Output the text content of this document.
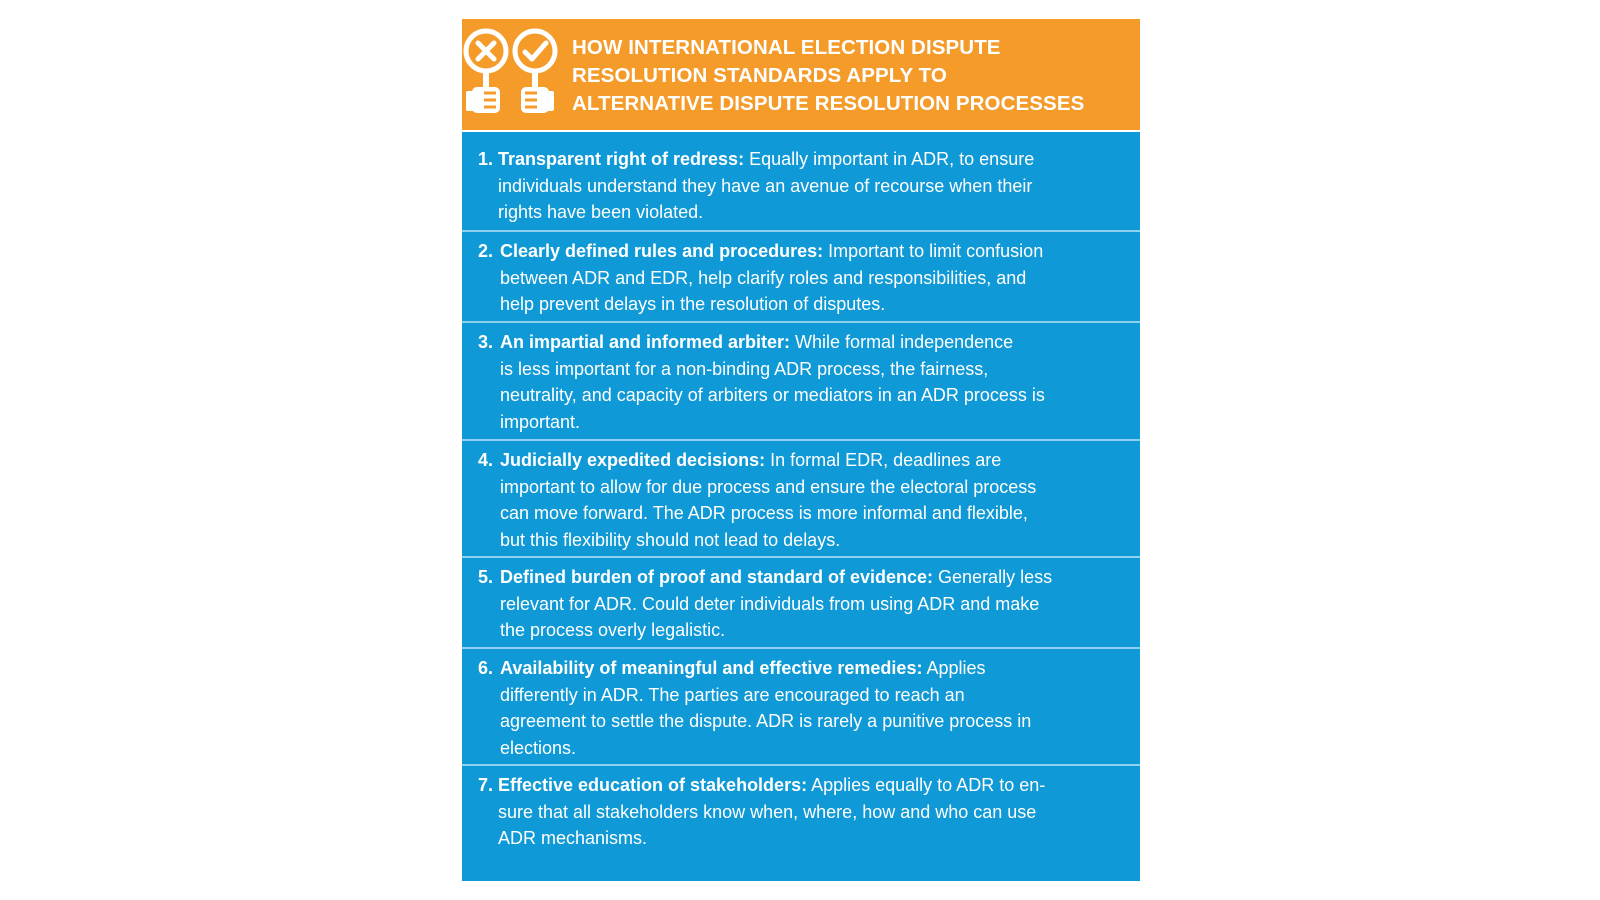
HOW INTERNATIONAL ELECTION DISPUTE
RESOLUTION STANDARDS APPLY TO
ALTERNATIVE DISPUTE RESOLUTION PROCESSES
1. Transparent right of redress: Equally important in ADR, to ensure
individuals understand they have an avenue of recourse when their
rights have been violated.
2. Clearly defined rules and procedures: Important to limit confusion
between ADR and EDR, help clarify roles and responsibilities, and
help prevent delays in the resolution of disputes.
3. An impartial and informed arbiter: While formal independence
is less important for a non-binding ADR process, the fairness,
neutrality, and capacity of arbiters or mediators in an ADR process is
important.
4. Judicially expedited decisions: In formal EDR, deadlines are
important to allow for due process and ensure the electoral process
can move forward. The ADR process is more informal and flexible,
but this flexibility should not lead to delays.
5. Defined burden of proof and standard of evidence: Generally less
relevant for ADR. Could deter individuals from using ADR and make
the process overly legalistic.
6. Availability of meaningful and effective remedies: Applies
differently in ADR. The parties are encouraged to reach an
agreement to settle the dispute. ADR is rarely a punitive process in
elections.
7. Effective education of stakeholders: Applies equally to ADR to en-
sure that all stakeholders know when, where, how and who can use
ADR mechanisms.
